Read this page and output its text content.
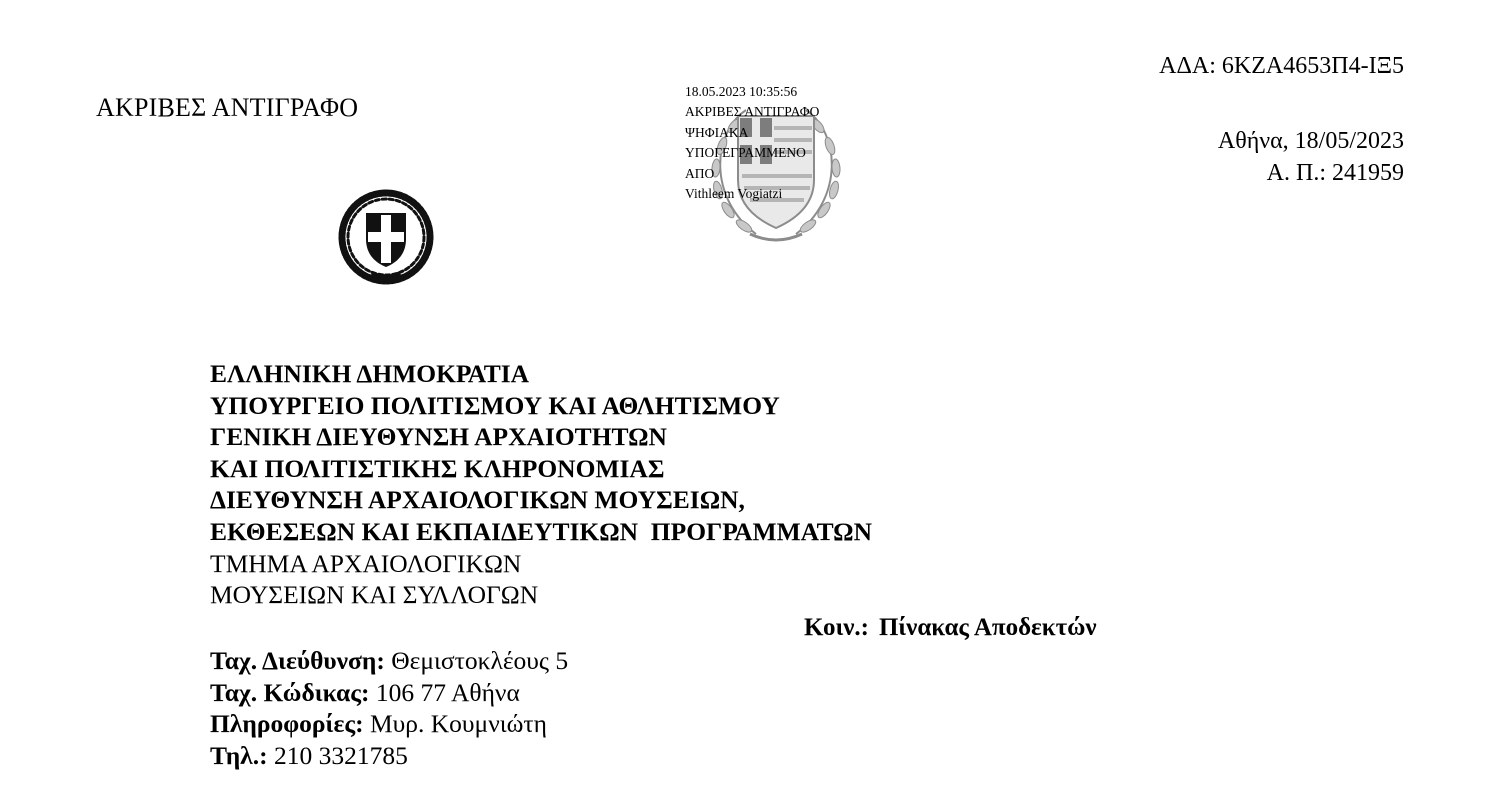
ΑΔΑ: 6ΚΖΑ4653Π4-ΙΞ5
ΑΚΡΙΒΕΣ ΑΝΤΙΓΡΑΦΟ
Αθήνα, 18/05/2023
Α. Π.: 241959
18.05.2023 10:35:56
ΑΚΡΙΒΕΣ ΑΝΤΙΓΡΑΦΟ
ΨΗΦΙΑΚΑ
ΥΠΟΓΕΓΡΑΜΜΕΝΟ
ΑΠΟ
Vithleem Vogiatzi
ΕΛΛΗΝΙΚΗ ΔΗΜΟΚΡΑΤΙΑ
ΥΠΟΥΡΓΕΙΟ ΠΟΛΙΤΙΣΜΟΥ ΚΑΙ ΑΘΛΗΤΙΣΜΟΥ
ΓΕΝΙΚΗ ΔΙΕΥΘΥΝΣΗ ΑΡΧΑΙΟΤΗΤΩΝ
ΚΑΙ ΠΟΛΙΤΙΣΤΙΚΗΣ ΚΛΗΡΟΝΟΜΙΑΣ
ΔΙΕΥΘΥΝΣΗ ΑΡΧΑΙΟΛΟΓΙΚΩΝ ΜΟΥΣΕΙΩΝ,
ΕΚΘΕΣΕΩΝ ΚΑΙ ΕΚΠΑΙΔΕΥΤΙΚΩΝ  ΠΡΟΓΡΑΜΜΑΤΩΝ
ΤΜΗΜΑ ΑΡΧΑΙΟΛΟΓΙΚΩΝ
ΜΟΥΣΕΙΩΝ ΚΑΙ ΣΥΛΛΟΓΩΝ
Κοιν.: Πίνακας Αποδεκτών
Ταχ. Διεύθυνση: Θεμιστοκλέους 5
Ταχ. Κώδικας: 106 77 Αθήνα
Πληροφορίες: Μυρ. Κουμνιώτη
Τηλ.: 210 3321785
